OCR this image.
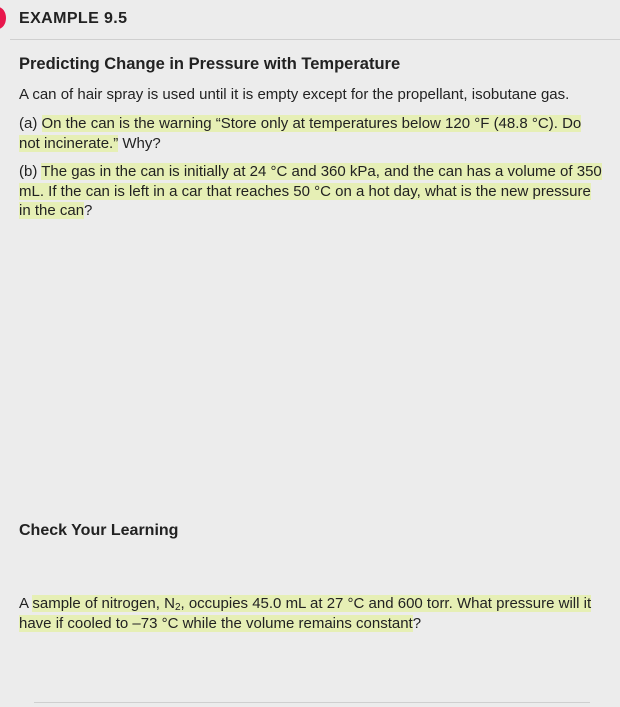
EXAMPLE 9.5
Predicting Change in Pressure with Temperature
A can of hair spray is used until it is empty except for the propellant, isobutane gas.
(a) On the can is the warning “Store only at temperatures below 120 °F (48.8 °C). Do not incinerate.” Why?
(b) The gas in the can is initially at 24 °C and 360 kPa, and the can has a volume of 350 mL. If the can is left in a car that reaches 50 °C on a hot day, what is the new pressure in the can?
Check Your Learning
A sample of nitrogen, $N_2$, occupies 45.0 mL at 27 °C and 600 torr. What pressure will it have if cooled to –73 °C while the volume remains constant?
